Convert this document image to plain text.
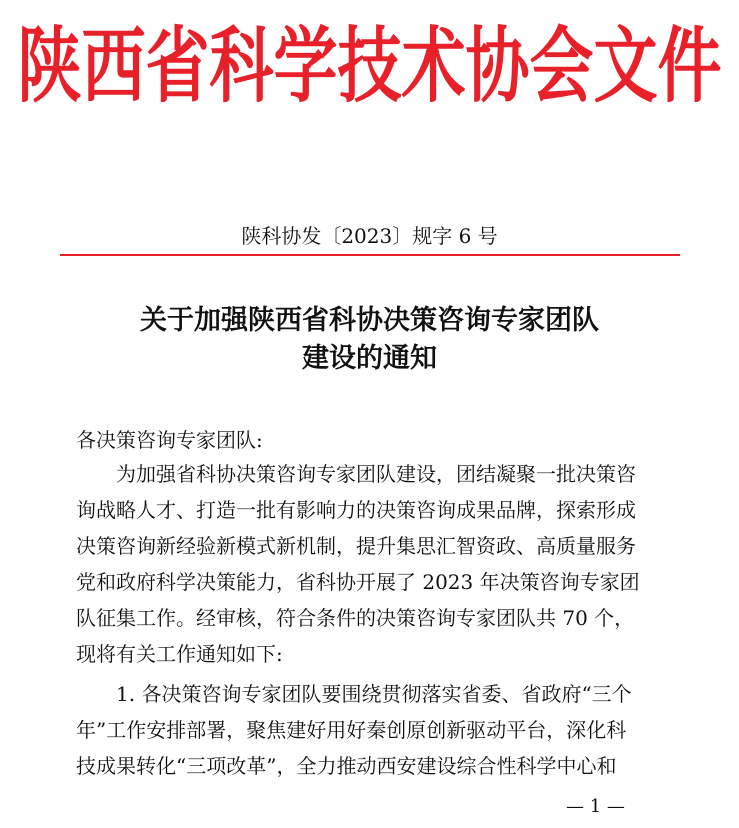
陕西省科学技术协会文件
陕科协发〔2023〕规字 6 号
关于加强陕西省科协决策咨询专家团队
建设的通知
各决策咨询专家团队:
　　为加强省科协决策咨询专家团队建设，团结凝聚一批决策咨
询战略人才、打造一批有影响力的决策咨询成果品牌，探索形成
决策咨询新经验新模式新机制，提升集思汇智资政、高质量服务
党和政府科学决策能力，省科协开展了 2023 年决策咨询专家团
队征集工作。经审核，符合条件的决策咨询专家团队共 70 个，
现将有关工作通知如下:
　　1. 各决策咨询专家团队要围绕贯彻落实省委、省政府“三个
年”工作安排部署，聚焦建好用好秦创原创新驱动平台，深化科
技成果转化“三项改革”，全力推动西安建设综合性科学中心和
— 1 —
